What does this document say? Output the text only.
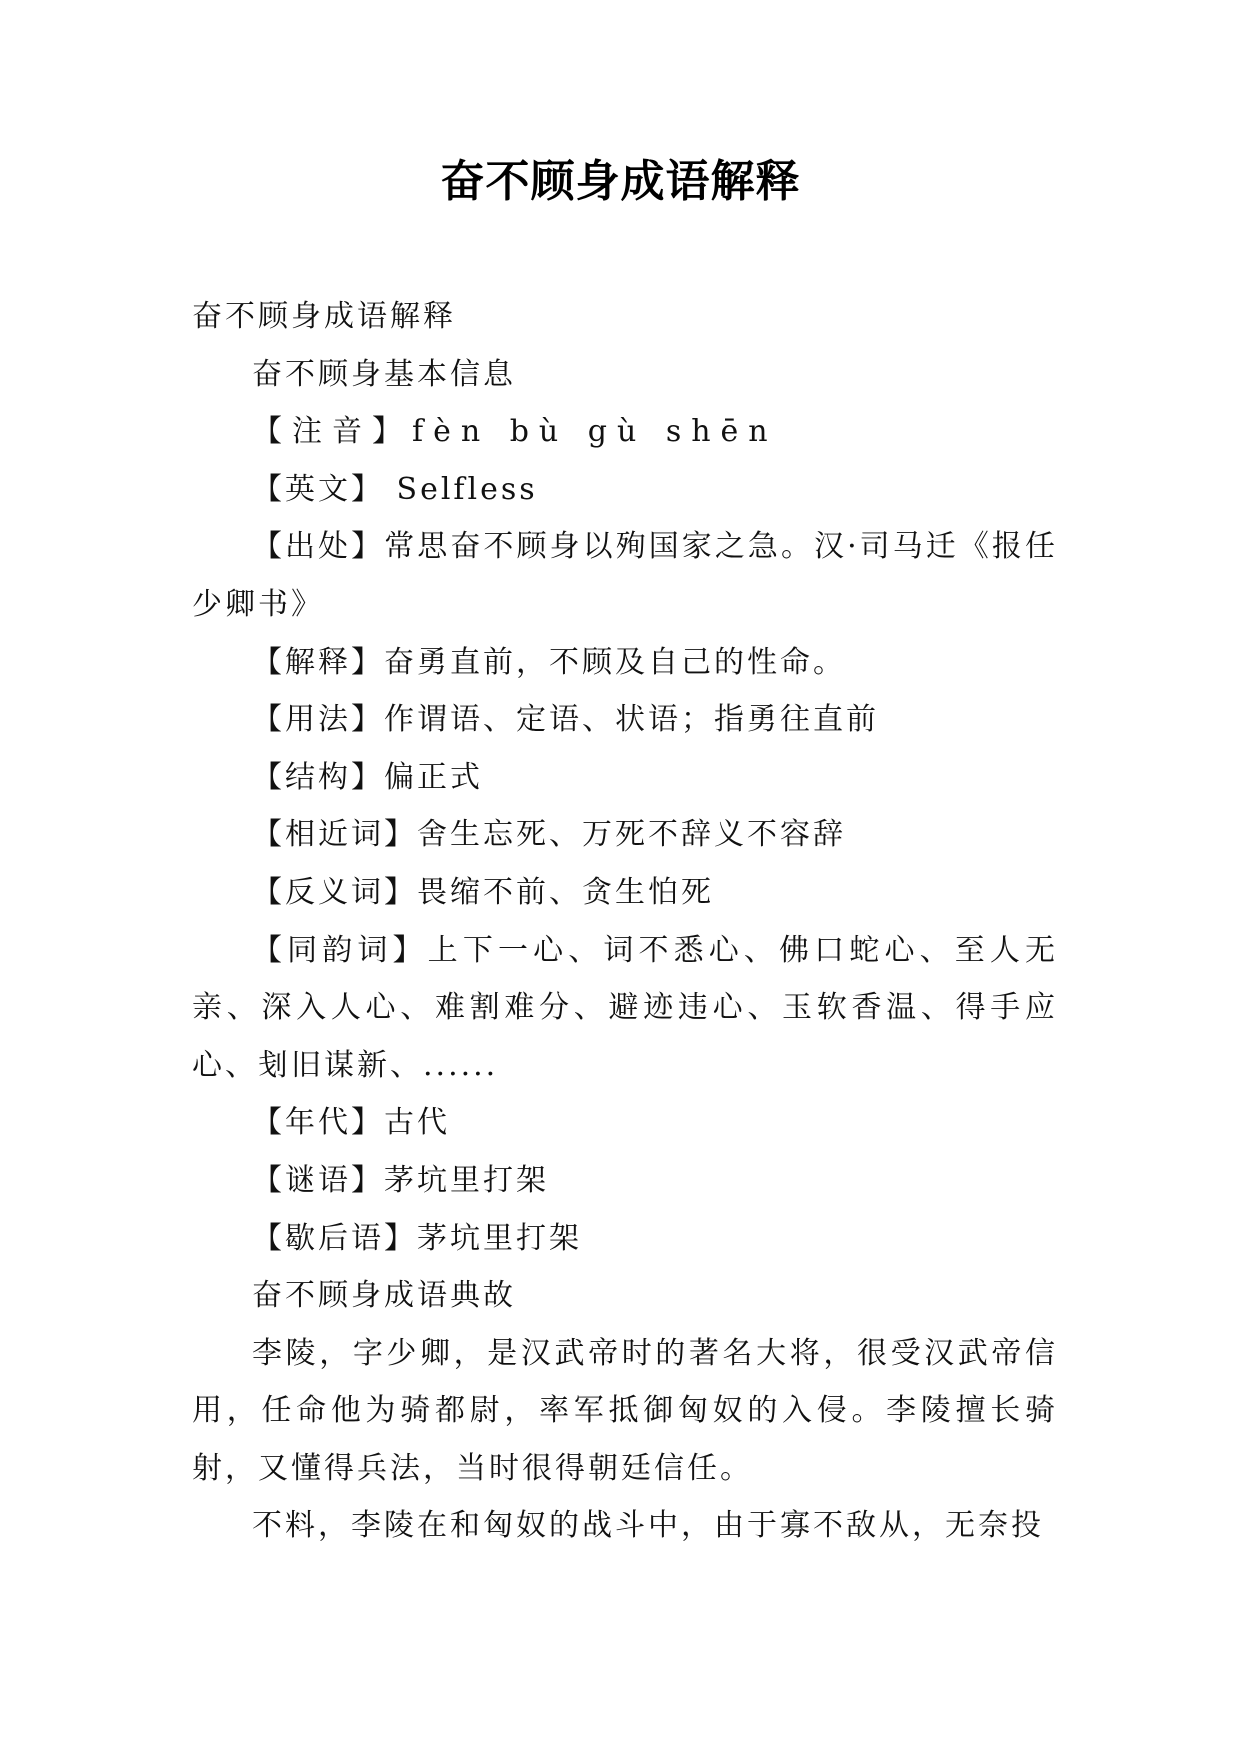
奋不顾身成语解释

奋不顾身成语解释

奋不顾身基本信息

【注音】fèn bù gù shēn

【英文】 Selfless

【出处】常思奋不顾身以殉国家之急。汉·司马迁《报任少卿书》

【解释】奋勇直前，不顾及自己的性命。

【用法】作谓语、定语、状语；指勇往直前

【结构】偏正式

【相近词】舍生忘死、万死不辞义不容辞

【反义词】畏缩不前、贪生怕死

【同韵词】上下一心、词不悉心、佛口蛇心、至人无亲、深入人心、难割难分、避迹违心、玉软香温、得手应心、刬旧谋新、......

【年代】古代

【谜语】茅坑里打架

【歇后语】茅坑里打架

奋不顾身成语典故

李陵，字少卿，是汉武帝时的著名大将，很受汉武帝信用，任命他为骑都尉，率军抵御匈奴的入侵。李陵擅长骑射，又懂得兵法，当时很得朝廷信任。

不料，李陵在和匈奴的战斗中，由于寡不敌从，无奈投
